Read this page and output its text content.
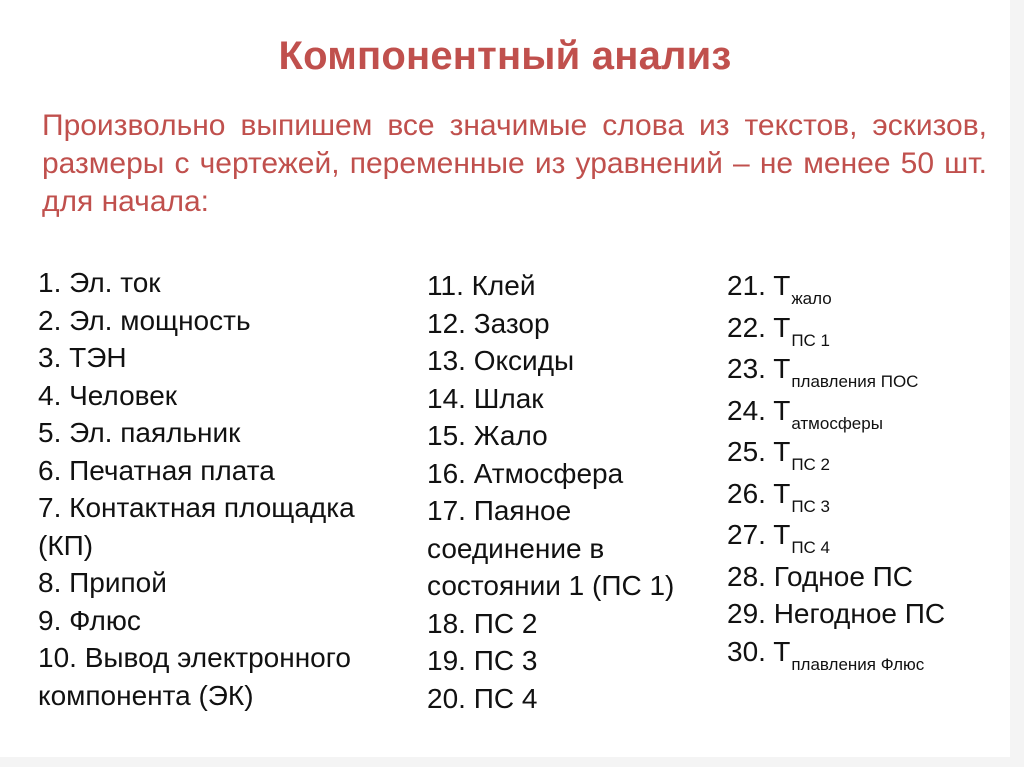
Компонентный анализ
Произвольно выпишем все значимые слова из текстов, эскизов, размеры с чертежей, переменные из уравнений – не менее 50 шт. для начала:
1. Эл. ток
2. Эл. мощность
3. ТЭН
4. Человек
5. Эл. паяльник
6. Печатная плата
7. Контактная площадка (КП)
8. Припой
9. Флюс
10. Вывод электронного компонента (ЭК)
11. Клей
12. Зазор
13. Оксиды
14. Шлак
15. Жало
16. Атмосфера
17. Паяное соединение в состоянии 1 (ПС 1)
18. ПС 2
19. ПС 3
20. ПС 4
21. $T_{жало}$
22. $T_{ПС 1}$
23. $T_{плавления ПОС}$
24. $T_{атмосферы}$
25. $T_{ПС 2}$
26. $T_{ПС 3}$
27. $T_{ПС 4}$
28. Годное ПС
29. Негодное ПС
30. $T_{плавления Флюс}$
